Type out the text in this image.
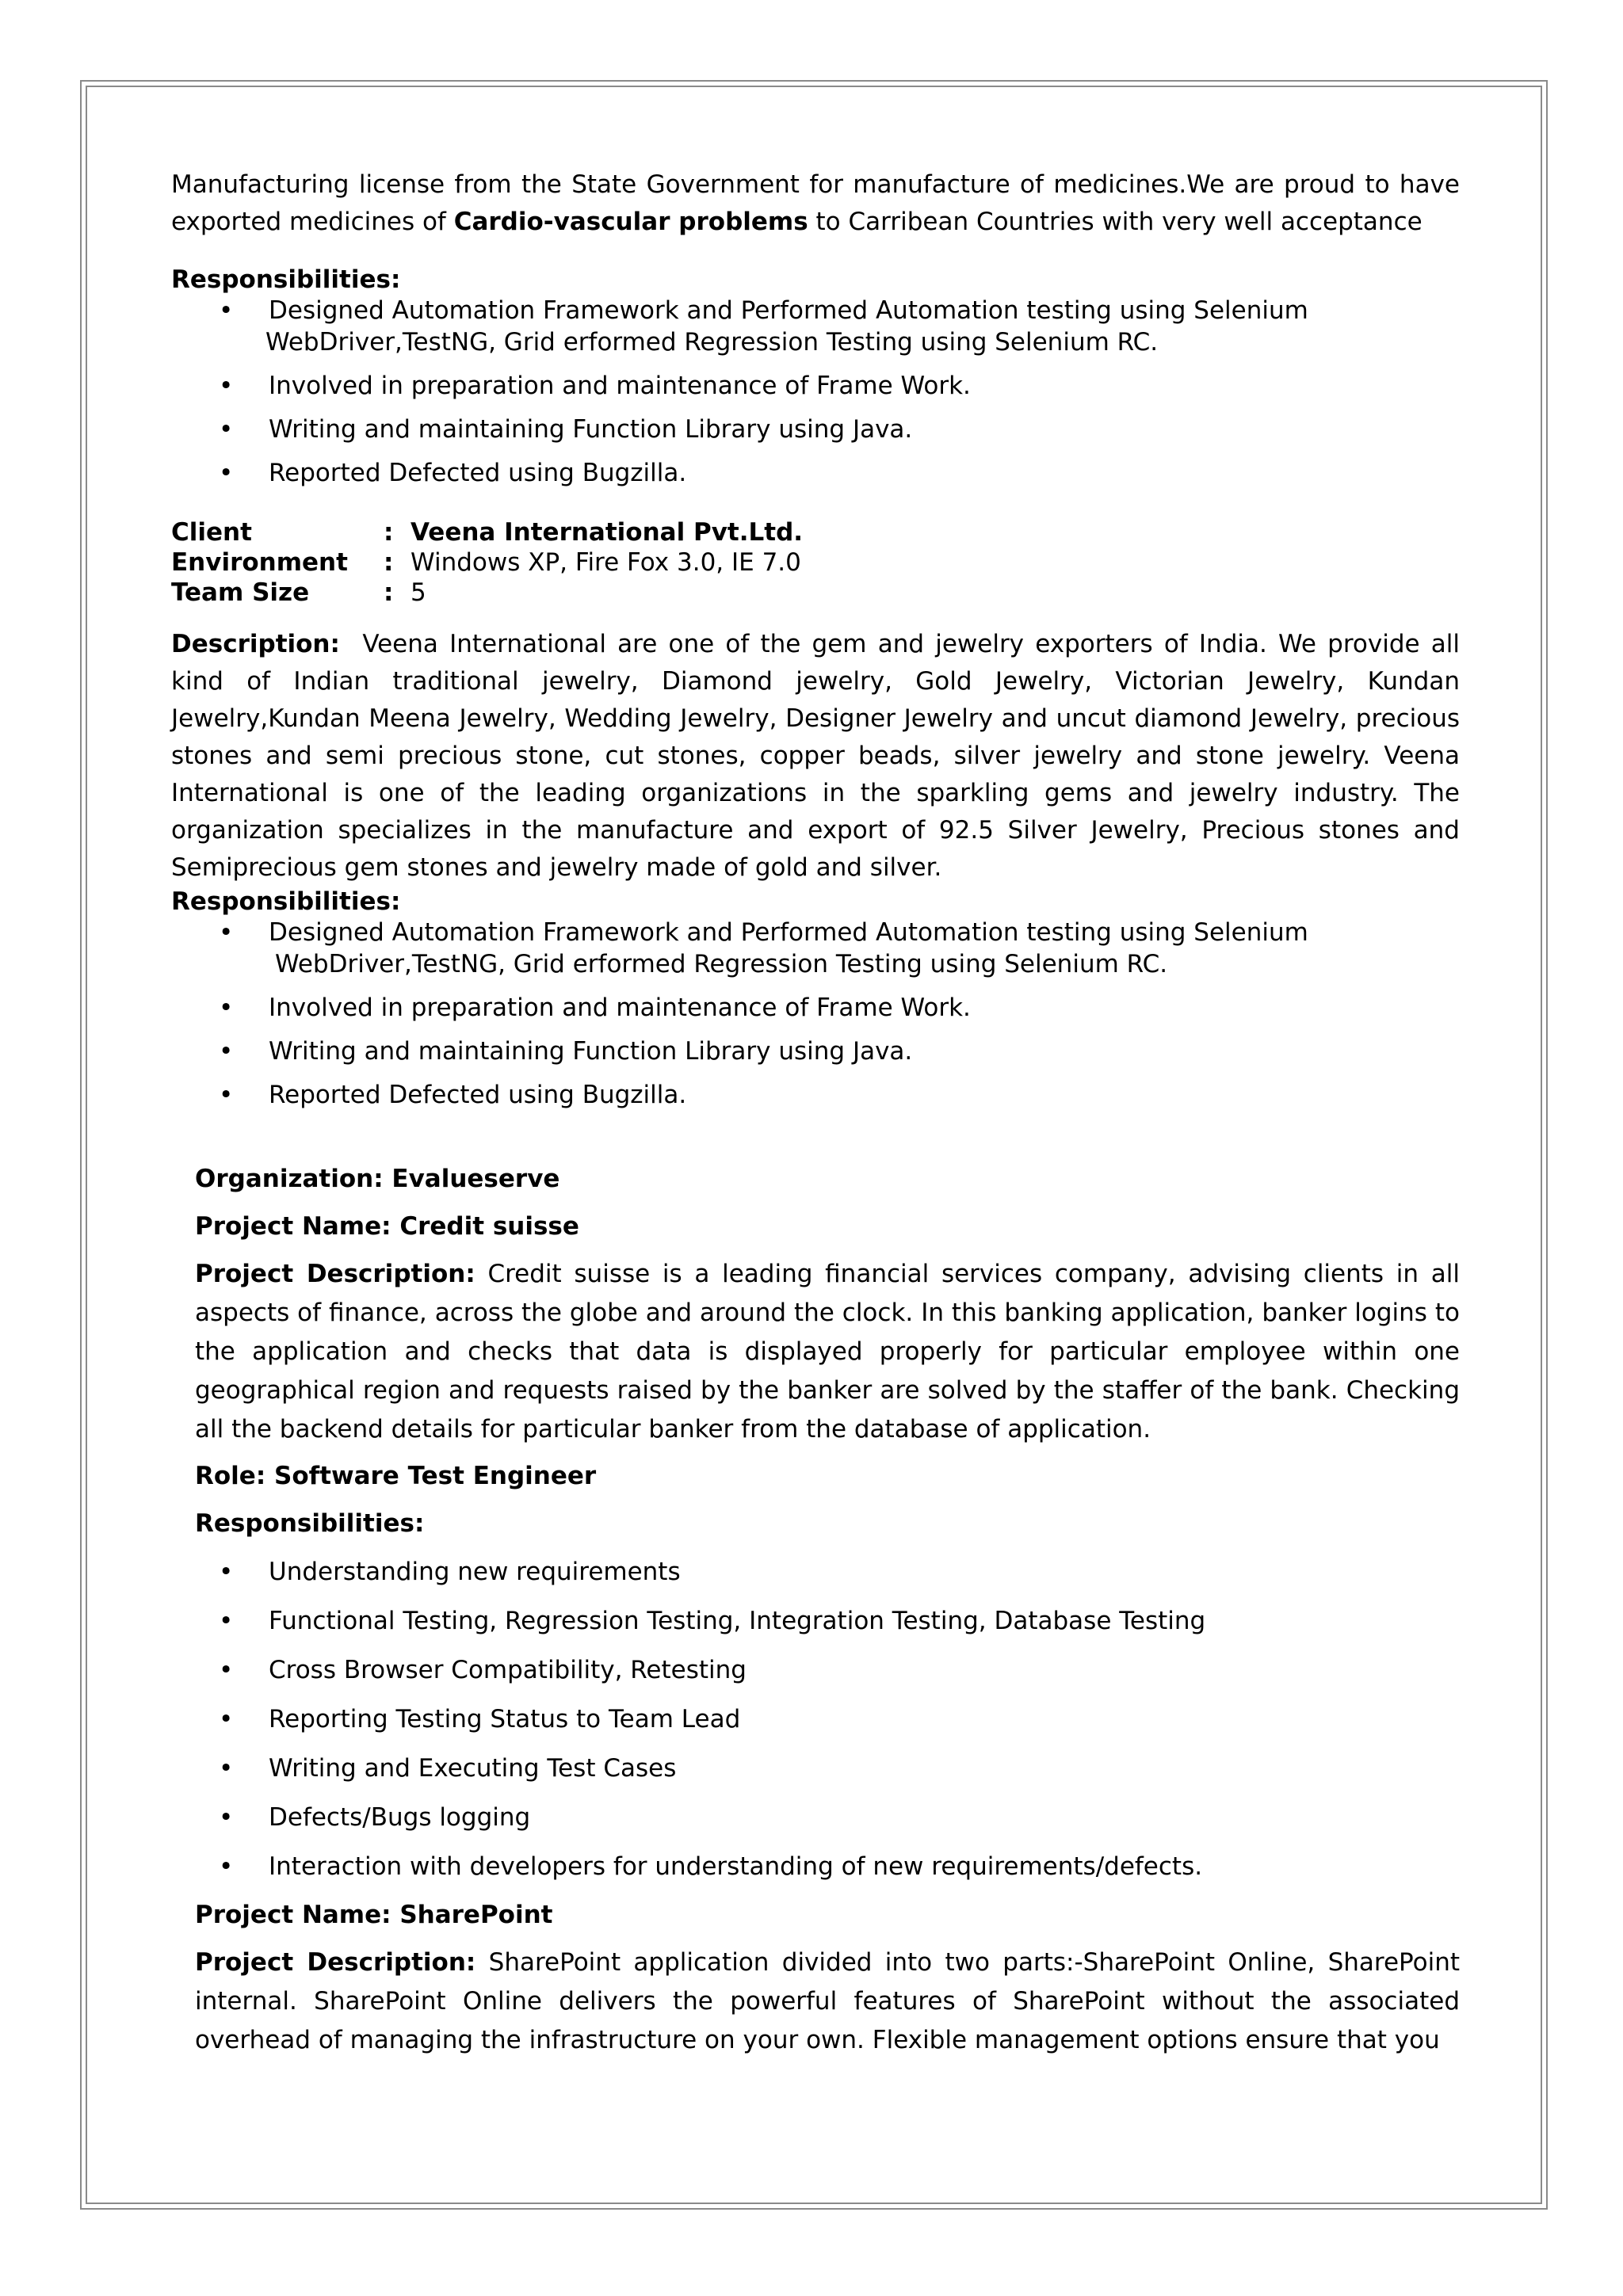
Manufacturing license from the State Government for manufacture of medicines.We are proud to have exported medicines of Cardio-vascular problems to Carribean Countries with very well acceptance

Responsibilities:

• Designed Automation Framework and Performed Automation testing using Selenium
WebDriver,TestNG, Grid erformed Regression Testing using Selenium RC.
• Involved in preparation and maintenance of Frame Work.
• Writing and maintaining Function Library using Java.
• Reported Defected using Bugzilla.
Client	: Veena International Pvt.Ltd.
Environment	: Windows XP, Fire Fox 3.0, IE 7.0
Team Size	: 5

Description: Veena International are one of the gem and jewelry exporters of India. We provide all kind of Indian traditional jewelry, Diamond jewelry, Gold Jewelry, Victorian Jewelry, Kundan Jewelry,Kundan Meena Jewelry, Wedding Jewelry, Designer Jewelry and uncut diamond Jewelry, precious stones and semi precious stone, cut stones, copper beads, silver jewelry and stone jewelry. Veena International is one of the leading organizations in the sparkling gems and jewelry industry. The organization specializes in the manufacture and export of 92.5 Silver Jewelry, Precious stones and Semiprecious gem stones and jewelry made of gold and silver.

Responsibilities:

• Designed Automation Framework and Performed Automation testing using Selenium
WebDriver,TestNG, Grid erformed Regression Testing using Selenium RC.
• Involved in preparation and maintenance of Frame Work.
• Writing and maintaining Function Library using Java.
• Reported Defected using Bugzilla.

Organization: Evalueserve

Project Name: Credit suisse

Project Description: Credit suisse is a leading financial services company, advising clients in all aspects of finance, across the globe and around the clock. In this banking application, banker logins to the application and checks that data is displayed properly for particular employee within one geographical region and requests raised by the banker are solved by the staffer of the bank. Checking all the backend details for particular banker from the database of application.

Role: Software Test Engineer

Responsibilities:

• Understanding new requirements
• Functional Testing, Regression Testing, Integration Testing, Database Testing
• Cross Browser Compatibility, Retesting
• Reporting Testing Status to Team Lead
• Writing and Executing Test Cases
• Defects/Bugs logging
• Interaction with developers for understanding of new requirements/defects.

Project Name: SharePoint

Project Description: SharePoint application divided into two parts:-SharePoint Online, SharePoint internal. SharePoint Online delivers the powerful features of SharePoint without the associated overhead of managing the infrastructure on your own. Flexible management options ensure that you
